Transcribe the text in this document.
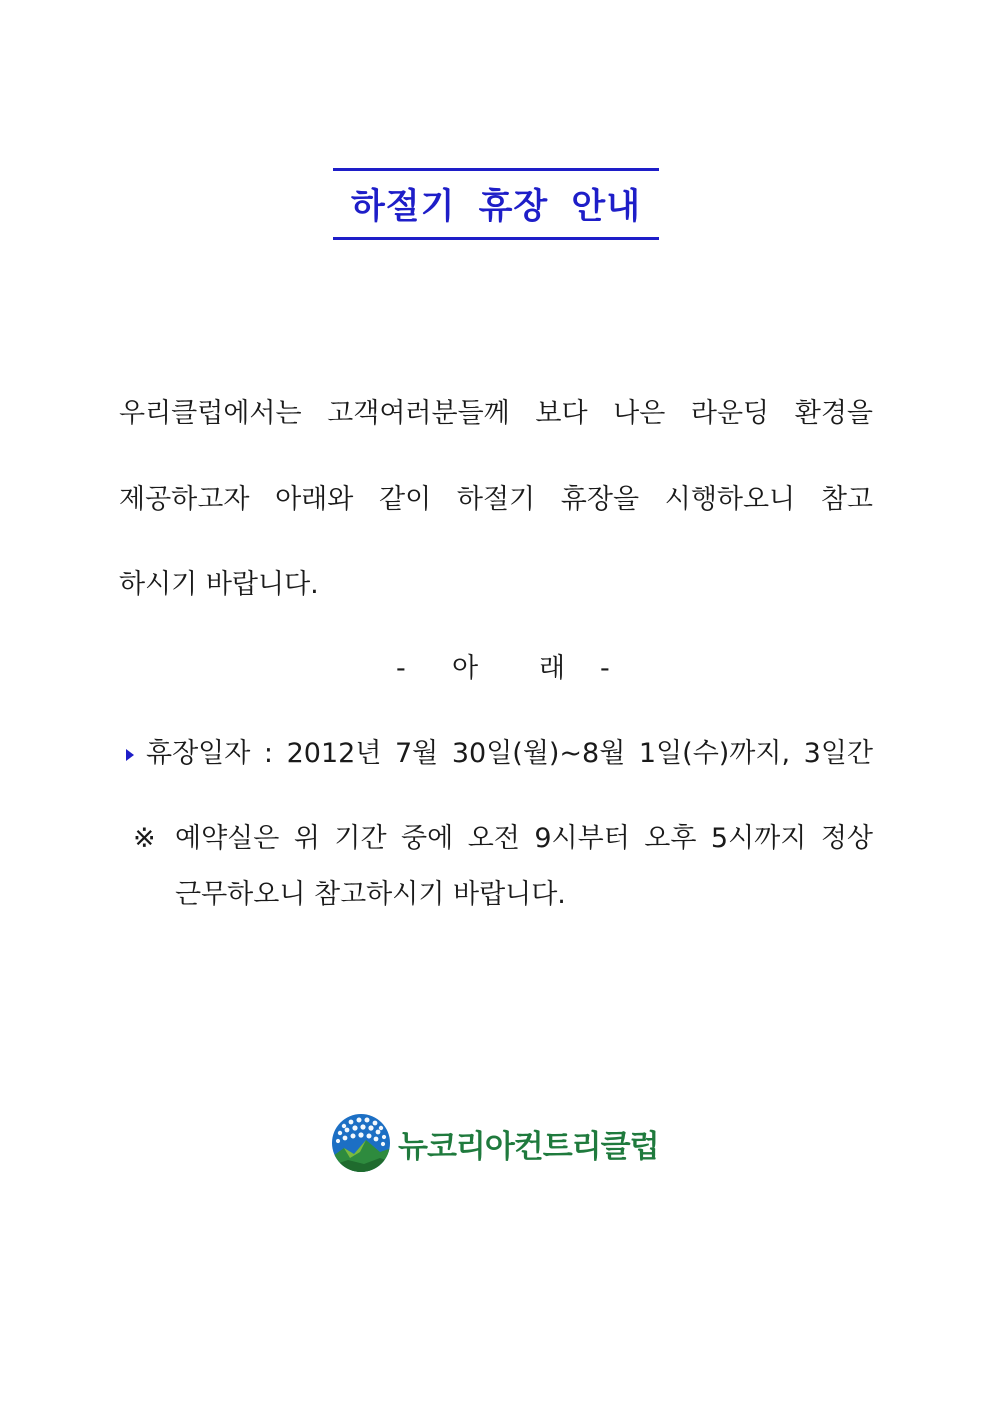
하절기 휴장 안내
우리클럽에서는 고객여러분들께 보다 나은 라운딩 환경을
제공하고자 아래와 같이 하절기 휴장을 시행하오니 참고
하시기 바랍니다.
- 아 래 -
휴장일자 : 2012년 7월 30일(월)~8월 1일(수)까지, 3일간
※ 예약실은 위 기간 중에 오전 9시부터 오후 5시까지 정상
근무하오니 참고하시기 바랍니다.
뉴코리아컨트리클럽
